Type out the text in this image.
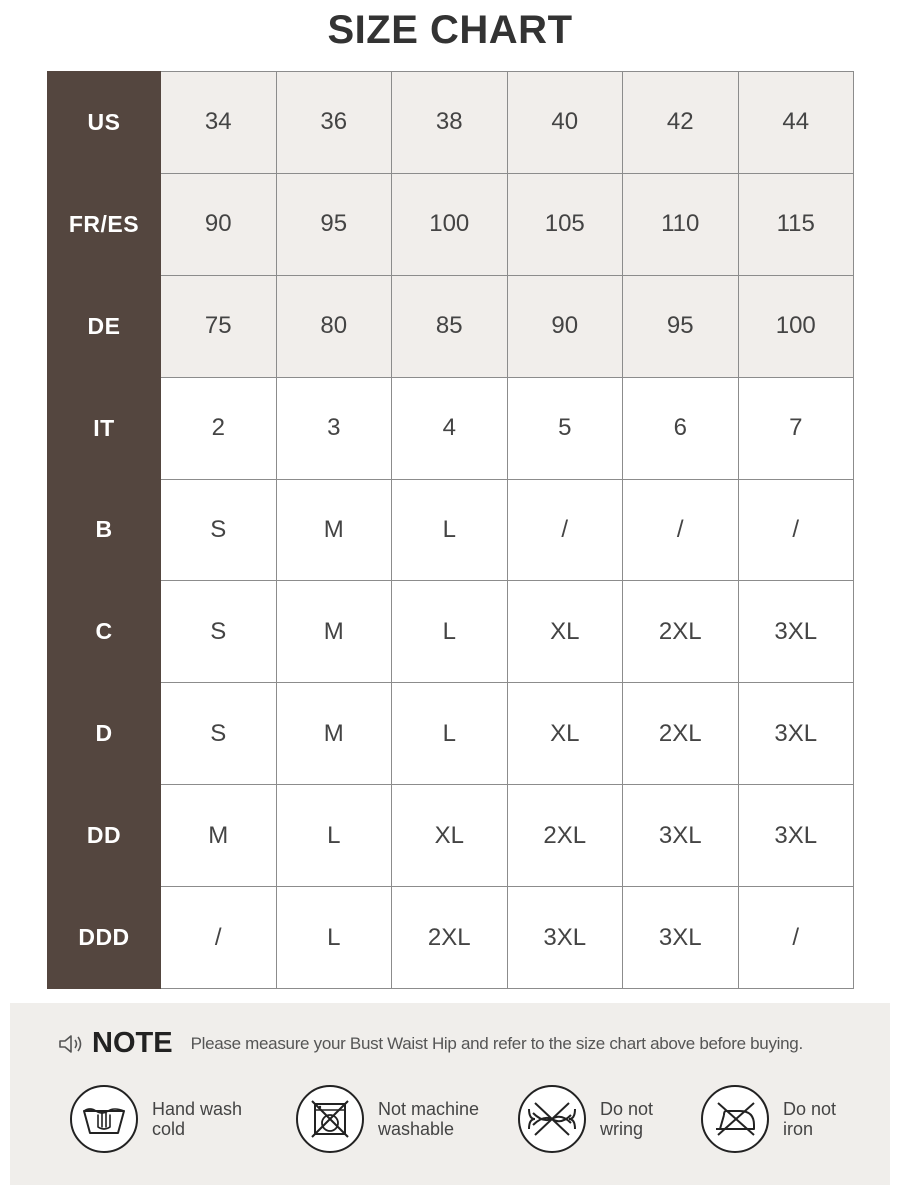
SIZE CHART
US	34	36	38	40	42	44
FR/ES	90	95	100	105	110	115
DE	75	80	85	90	95	100
IT	2	3	4	5	6	7
B	S	M	L	/	/	/
C	S	M	L	XL	2XL	3XL
D	S	M	L	XL	2XL	3XL
DD	M	L	XL	2XL	3XL	3XL
DDD	/	L	2XL	3XL	3XL	/
NOTE Please measure your Bust Waist Hip and refer to the size chart above before buying.
Hand wash
cold
Not machine
washable
Do not
wring
Do not
iron
